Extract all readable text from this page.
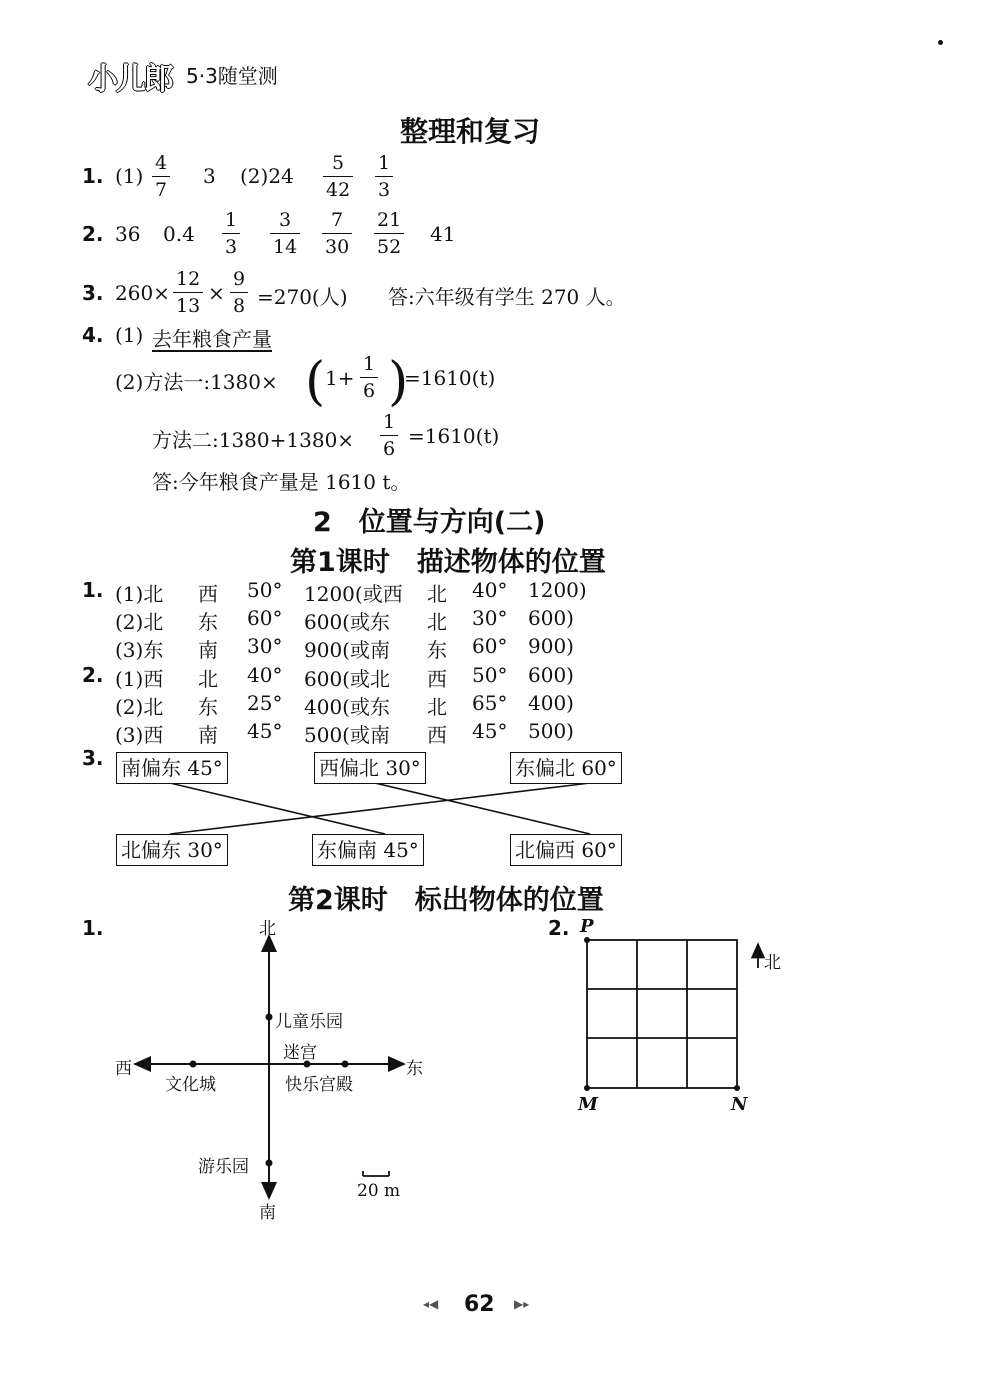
小儿郎 5·3随堂测
整理和复习
1. (1)
4
7
3 (2)24
5
42
1
3
2. 36 0.4
1
3
3
14
7
30
21
52
41
3. 260×
12
13
×
9
8 =270(人) 答:六年级有学生 270 人。
4. (1) 去年粮食产量
(2)方法一:1380× ( 1+
1
6 )
=1610(t)
方法二:1380+1380×
1
6
=1610(t)
答:今年粮食产量是 1610 t。
2　位置与方向(二)
第1课时　描述物体的位置
1. (1)北 西 50° 1200(或西 北 40° 1200)
(2)北 东 60° 600(或东 北 30° 600)
(3)东 南 30° 900(或南 东 60° 900)
2. (1)西 北 40° 600(或北 西 50° 600)
(2)北 东 25° 400(或东 北 65° 400)
(3)西 南 45° 500(或南 西 45° 500)
3. 南偏东 45°	西偏北 30°	东偏北 60°
北偏东 30°	东偏南 45°	北偏西 60°
第2课时　标出物体的位置
1.	北
南
东
西
儿童乐园
迷宫
文化城	快乐宫殿
游乐园
20 m
2. P
M	N
北
◂◀ 62 ▶▸
